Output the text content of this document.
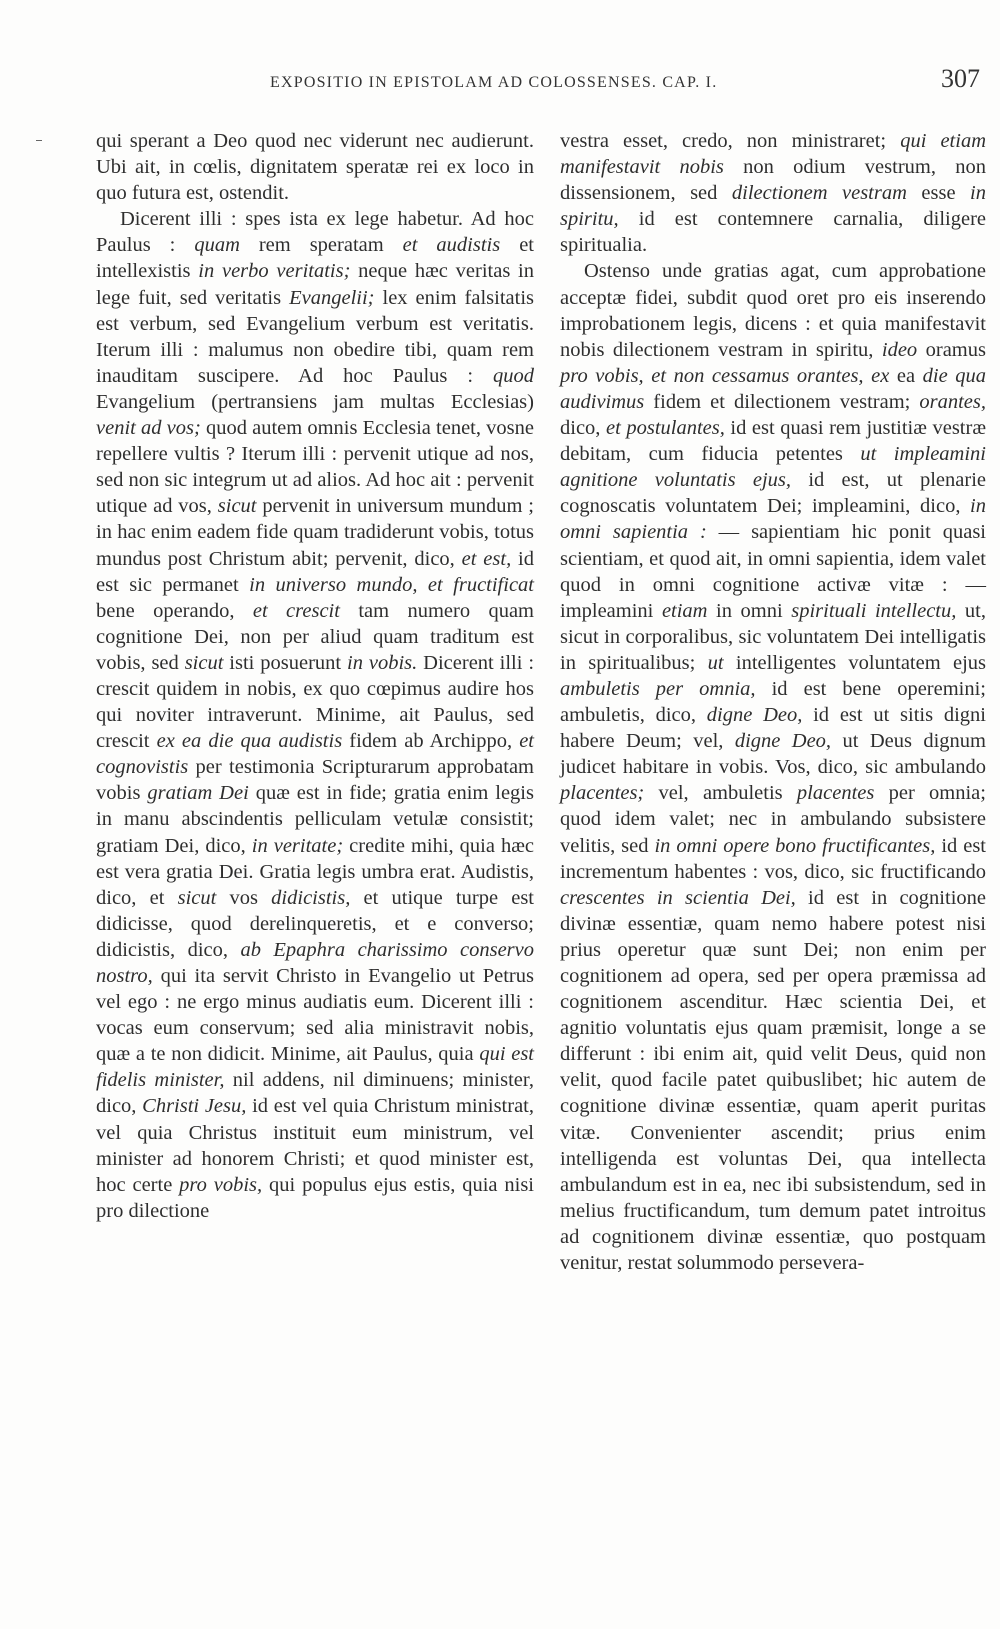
EXPOSITIO IN EPISTOLAM AD COLOSSENSES. CAP. I.	307

qui sperant a Deo quod nec viderunt nec audierunt. Ubi ait, in cœlis, dignitatem speratæ rei ex loco in quo futura est, ostendit.

Dicerent illi : spes ista ex lege habetur. Ad hoc Paulus : quam rem speratam et audistis et intellexistis in verbo veritatis; neque hæc veritas in lege fuit, sed veritatis Evangelii; lex enim falsitatis est verbum, sed Evangelium verbum est veritatis. Iterum illi : malumus non obedire tibi, quam rem inauditam suscipere. Ad hoc Paulus : quod Evangelium (pertransiens jam multas Ecclesias) venit ad vos; quod autem omnis Ecclesia tenet, vosne repellere vultis ? Iterum illi : pervenit utique ad nos, sed non sic integrum ut ad alios. Ad hoc ait : pervenit utique ad vos, sicut pervenit in universum mundum ; in hac enim eadem fide quam tradiderunt vobis, totus mundus post Christum abit; pervenit, dico, et est, id est sic permanet in universo mundo, et fructificat bene operando, et crescit tam numero quam cognitione Dei, non per aliud quam traditum est vobis, sed sicut isti posuerunt in vobis. Dicerent illi : crescit quidem in nobis, ex quo cœpimus audire hos qui noviter intraverunt. Minime, ait Paulus, sed crescit ex ea die qua audistis fidem ab Archippo, et cognovistis per testimonia Scripturarum approbatam vobis gratiam Dei quæ est in fide; gratia enim legis in manu abscindentis pelliculam vetulæ consistit; gratiam Dei, dico, in veritate; credite mihi, quia hæc est vera gratia Dei. Gratia legis umbra erat. Audistis, dico, et sicut vos didicistis, et utique turpe est didicisse, quod derelinqueretis, et e converso; didicistis, dico, ab Epaphra charissimo conservo nostro, qui ita servit Christo in Evangelio ut Petrus vel ego : ne ergo minus audiatis eum. Dicerent illi : vocas eum conservum; sed alia ministravit nobis, quæ a te non didicit. Minime, ait Paulus, quia qui est fidelis minister, nil addens, nil diminuens; minister, dico, Christi Jesu, id est vel quia Christum ministrat, vel quia Christus instituit eum ministrum, vel minister ad honorem Christi; et quod minister est, hoc certe pro vobis, qui populus ejus estis, quia nisi pro dilectione

vestra esset, credo, non ministraret; qui etiam manifestavit nobis non odium vestrum, non dissensionem, sed dilectionem vestram esse in spiritu, id est contemnere carnalia, diligere spiritualia.

Ostenso unde gratias agat, cum approbatione acceptæ fidei, subdit quod oret pro eis inserendo improbationem legis, dicens : et quia manifestavit nobis dilectionem vestram in spiritu, ideo oramus pro vobis, et non cessamus orantes, ex ea die qua audivimus fidem et dilectionem vestram; orantes, dico, et postulantes, id est quasi rem justitiæ vestræ debitam, cum fiducia petentes ut impleamini agnitione voluntatis ejus, id est, ut plenarie cognoscatis voluntatem Dei; impleamini, dico, in omni sapientia : — sapientiam hic ponit quasi scientiam, et quod ait, in omni sapientia, idem valet quod in omni cognitione activæ vitæ : — impleamini etiam in omni spirituali intellectu, ut, sicut in corporalibus, sic voluntatem Dei intelligatis in spiritualibus; ut intelligentes voluntatem ejus ambuletis per omnia, id est bene operemini; ambuletis, dico, digne Deo, id est ut sitis digni habere Deum; vel, digne Deo, ut Deus dignum judicet habitare in vobis. Vos, dico, sic ambulando placentes; vel, ambuletis placentes per omnia; quod idem valet; nec in ambulando subsistere velitis, sed in omni opere bono fructificantes, id est incrementum habentes : vos, dico, sic fructificando crescentes in scientia Dei, id est in cognitione divinæ essentiæ, quam nemo habere potest nisi prius operetur quæ sunt Dei; non enim per cognitionem ad opera, sed per opera præmissa ad cognitionem ascenditur. Hæc scientia Dei, et agnitio voluntatis ejus quam præmisit, longe a se differunt : ibi enim ait, quid velit Deus, quid non velit, quod facile patet quibuslibet; hic autem de cognitione divinæ essentiæ, quam aperit puritas vitæ. Convenienter ascendit; prius enim intelligenda est voluntas Dei, qua intellecta ambulandum est in ea, nec ibi subsistendum, sed in melius fructificandum, tum demum patet introitus ad cognitionem divinæ essentiæ, quo postquam venitur, restat solummodo persevera-
